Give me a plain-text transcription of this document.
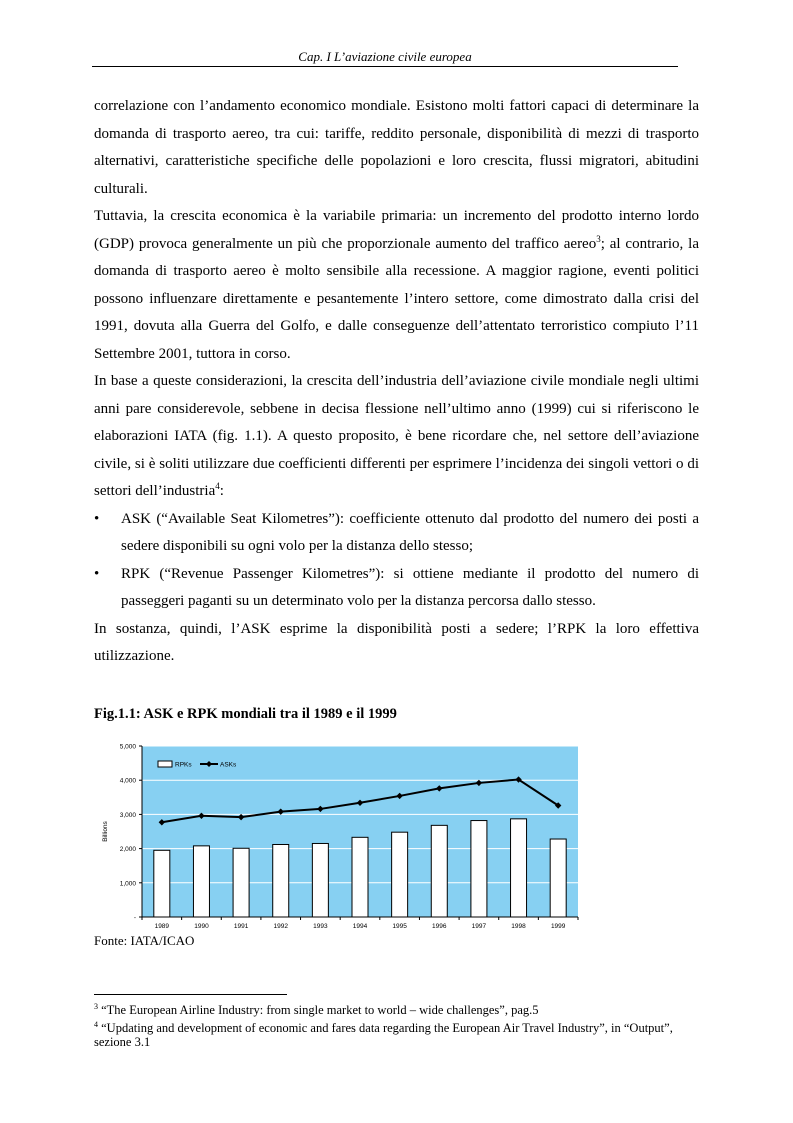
Cap. I L’aviazione civile europea

correlazione con l’andamento economico mondiale. Esistono molti fattori capaci di determinare la domanda di trasporto aereo, tra cui: tariffe, reddito personale, disponibilità di mezzi di trasporto alternativi, caratteristiche specifiche delle popolazioni e loro crescita, flussi migratori, abitudini culturali.

Tuttavia, la crescita economica è la variabile primaria: un incremento del prodotto interno lordo (GDP) provoca generalmente un più che proporzionale aumento del traffico aereo$^3$; al contrario, la domanda di trasporto aereo è molto sensibile alla recessione. A maggior ragione, eventi politici possono influenzare direttamente e pesantemente l’intero settore, come dimostrato dalla crisi del 1991, dovuta alla Guerra del Golfo, e dalle conseguenze dell’attentato terroristico compiuto l’11 Settembre 2001, tuttora in corso.

In base a queste considerazioni, la crescita dell’industria dell’aviazione civile mondiale negli ultimi anni pare considerevole, sebbene in decisa flessione nell’ultimo anno (1999) cui si riferiscono le elaborazioni IATA (fig. 1.1). A questo proposito, è bene ricordare che, nel settore dell’aviazione civile, si è soliti utilizzare due coefficienti differenti per esprimere l’incidenza dei singoli vettori o di settori dell’industria$^4$:

• ASK (“Available Seat Kilometres”): coefficiente ottenuto dal prodotto del numero dei posti a sedere disponibili su ogni volo per la distanza dello stesso;

• RPK (“Revenue Passenger Kilometres”): si ottiene mediante il prodotto del numero di passeggeri paganti su un determinato volo per la distanza percorsa dallo stesso.

In sostanza, quindi, l’ASK esprime la disponibilità posti a sedere; l’RPK la loro effettiva utilizzazione.

Fig.1.1: ASK e RPK mondiali tra il 1989 e il 1999
-
1,000
2,000
3,000
4,000
5,000
Billions
1989	1990	1991	1992	1993	1994	1995	1996	1997	1998	1999
RPKs	ASKs
Fonte: IATA/ICAO
$^3$ “The European Airline Industry: from single market to world – wide challenges”, pag.5
$^4$ “Updating and development of economic and fares data regarding the European Air Travel Industry”, in “Output”, sezione 3.1
